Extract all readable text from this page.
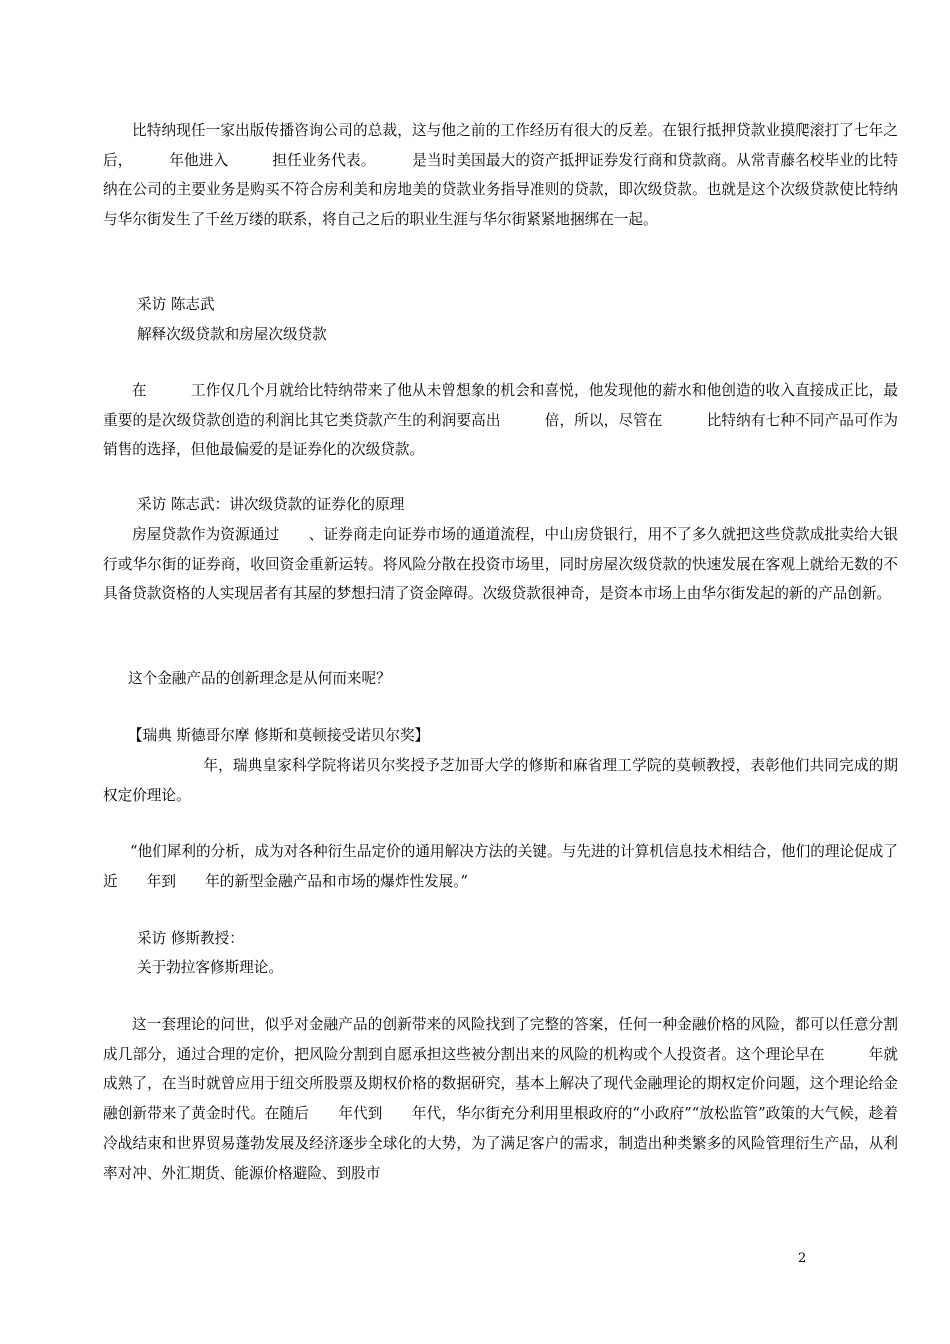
比特纳现任一家出版传播咨询公司的总裁，这与他之前的工作经历有很大的反差。在银行抵押贷款业摸爬滚打了七年之后，　　　年他进入　　　担任业务代表。　　　是当时美国最大的资产抵押证券发行商和贷款商。从常青藤名校毕业的比特纳在公司的主要业务是购买不符合房利美和房地美的贷款业务指导准则的贷款，即次级贷款。也就是这个次级贷款使比特纳与华尔街发生了千丝万缕的联系，将自己之后的职业生涯与华尔街紧紧地捆绑在一起。

采访 陈志武

解释次级贷款和房屋次级贷款

在　　　工作仅几个月就给比特纳带来了他从未曾想象的机会和喜悦，他发现他的薪水和他创造的收入直接成正比，最重要的是次级贷款创造的利润比其它类贷款产生的利润要高出　　　倍，所以，尽管在　　　比特纳有七种不同产品可作为销售的选择，但他最偏爱的是证券化的次级贷款。

采访 陈志武：讲次级贷款的证券化的原理

房屋贷款作为资源通过　　、证券商走向证券市场的通道流程，中山房贷银行，用不了多久就把这些贷款成批卖给大银行或华尔街的证券商，收回资金重新运转。将风险分散在投资市场里，同时房屋次级贷款的快速发展在客观上就给无数的不具备贷款资格的人实现居者有其屋的梦想扫清了资金障碍。次级贷款很神奇，是资本市场上由华尔街发起的新的产品创新。

这个金融产品的创新理念是从何而来呢？

【瑞典 斯德哥尔摩 修斯和莫顿接受诺贝尔奖】

　　　年，瑞典皇家科学院将诺贝尔奖授予芝加哥大学的修斯和麻省理工学院的莫顿教授，表彰他们共同完成的期权定价理论。

“他们犀利的分析，成为对各种衍生品定价的通用解决方法的关键。与先进的计算机信息技术相结合，他们的理论促成了近　　年到　　年的新型金融产品和市场的爆炸性发展。”

采访 修斯教授：

关于勃拉客修斯理论。

这一套理论的问世，似乎对金融产品的创新带来的风险找到了完整的答案，任何一种金融价格的风险，都可以任意分割成几部分，通过合理的定价，把风险分割到自愿承担这些被分割出来的风险的机构或个人投资者。这个理论早在　　　年就成熟了，在当时就曾应用于纽交所股票及期权价格的数据研究，基本上解决了现代金融理论的期权定价问题，这个理论给金融创新带来了黄金时代。在随后　　年代到　　年代，华尔街充分利用里根政府的“小政府”“放松监管”政策的大气候，趁着冷战结束和世界贸易蓬勃发展及经济逐步全球化的大势，为了满足客户的需求，制造出种类繁多的风险管理衍生产品，从利率对冲、外汇期货、能源价格避险、到股市

2
